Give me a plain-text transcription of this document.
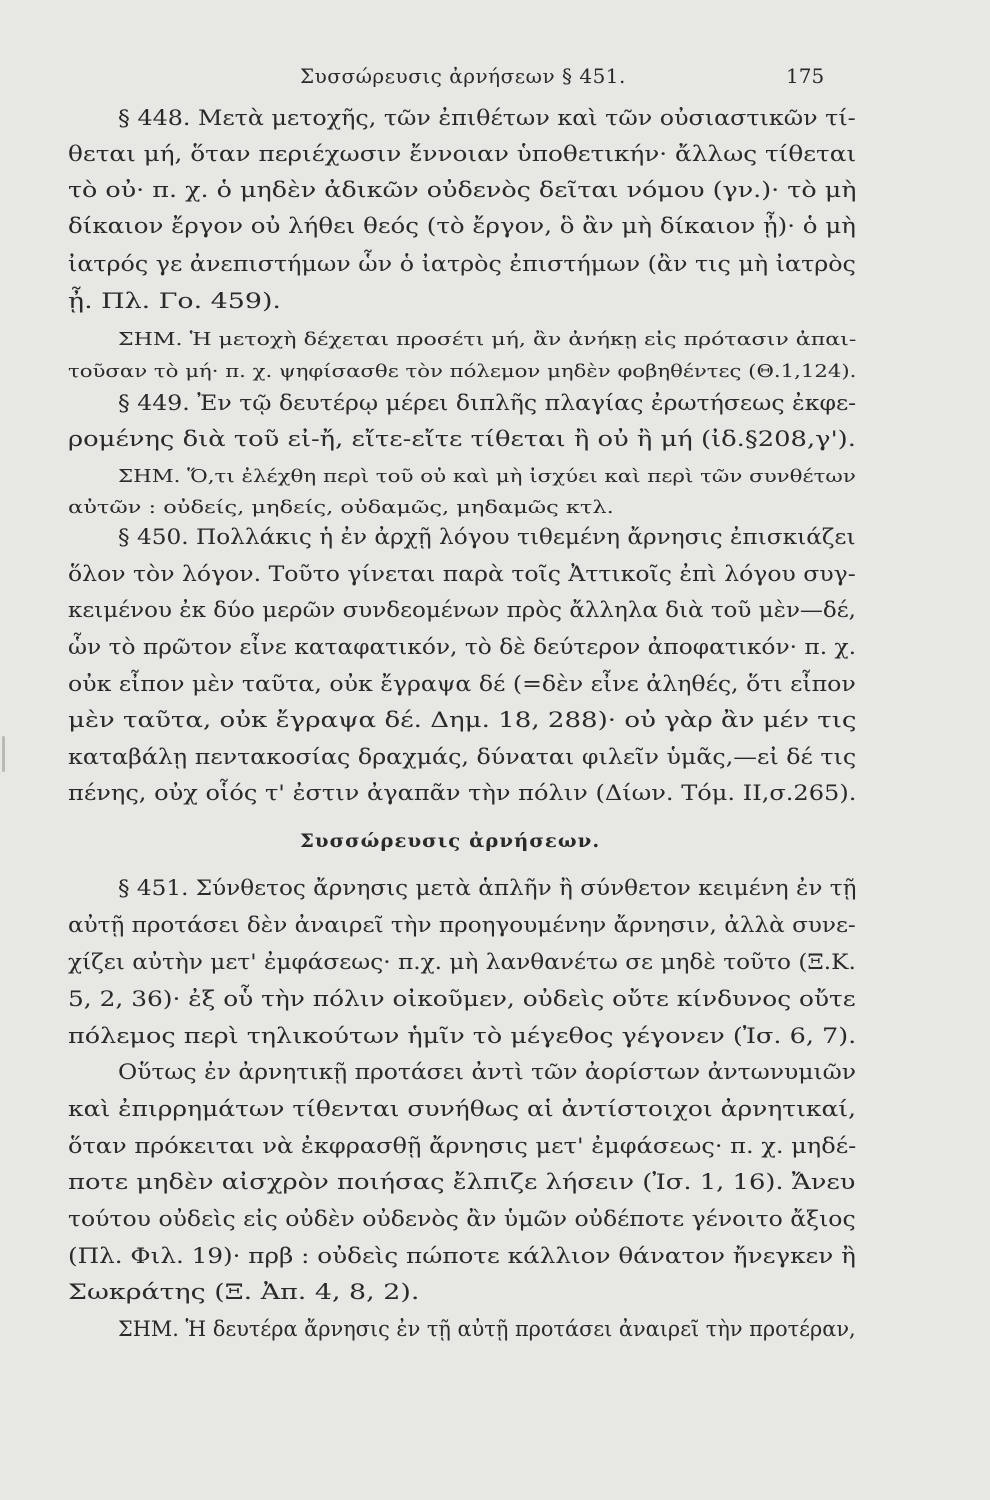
Συσσώρευσις ἀρνήσεων § 451.	175
§ 448. Μετὰ μετοχῆς, τῶν ἐπιθέτων καὶ τῶν οὐσιαστικῶν τί-
θεται μή, ὅταν περιέχωσιν ἔννοιαν ὑποθετικήν· ἄλλως τίθεται
τὸ οὐ· π. χ. ὁ μηδὲν ἀδικῶν οὐδενὸς δεῖται νόμου (γν.)· τὸ μὴ
δίκαιον ἔργον οὐ λήθει θεός (τὸ ἔργον, ὃ ἂν μὴ δίκαιον ᾖ)· ὁ μὴ
ἰατρός γε ἀνεπιστήμων ὧν ὁ ἰατρὸς ἐπιστήμων (ἂν τις μὴ ἰατρὸς
ᾖ. Πλ. Γο. 459).
ΣΗΜ. Ἡ μετοχὴ δέχεται προσέτι μή, ἂν ἀνήκῃ εἰς πρότασιν ἀπαι-
τοῦσαν τὸ μή· π. χ. ψηφίσασθε τὸν πόλεμον μηδὲν φοβηθέντες (Θ.1,124).
§ 449. Ἐν τῷ δευτέρῳ μέρει διπλῆς πλαγίας ἐρωτήσεως ἐκφε-
ρομένης διὰ τοῦ εἰ-ἤ, εἴτε-εἴτε τίθεται ἢ οὐ ἢ μή (ἰδ.§208,γ').
ΣΗΜ. Ὅ,τι ἐλέχθη περὶ τοῦ οὐ καὶ μὴ ἰσχύει καὶ περὶ τῶν συνθέτων
αὐτῶν : οὐδείς, μηδείς, οὐδαμῶς, μηδαμῶς κτλ.
§ 450. Πολλάκις ἡ ἐν ἀρχῇ λόγου τιθεμένη ἄρνησις ἐπισκιάζει
ὅλον τὸν λόγον. Τοῦτο γίνεται παρὰ τοῖς Ἀττικοῖς ἐπὶ λόγου συγ-
κειμένου ἐκ δύο μερῶν συνδεομένων πρὸς ἄλληλα διὰ τοῦ μὲν—δέ,
ὧν τὸ πρῶτον εἶνε καταφατικόν, τὸ δὲ δεύτερον ἀποφατικόν· π. χ.
οὐκ εἶπον μὲν ταῦτα, οὐκ ἔγραψα δέ (=δὲν εἶνε ἀληθές, ὅτι εἶπον
μὲν ταῦτα, οὐκ ἔγραψα δέ. Δημ. 18, 288)· οὐ γὰρ ἂν μέν τις
καταβάλῃ πεντακοσίας δραχμάς, δύναται φιλεῖν ὑμᾶς,—εἰ δέ τις
πένης, οὐχ οἷός τ' ἐστιν ἀγαπᾶν τὴν πόλιν (Δίων. Τόμ. II,σ.265).
Συσσώρευσις ἀρνήσεων.
§ 451. Σύνθετος ἄρνησις μετὰ ἁπλῆν ἢ σύνθετον κειμένη ἐν τῇ
αὐτῇ προτάσει δὲν ἀναιρεῖ τὴν προηγουμένην ἄρνησιν, ἀλλὰ συνε-
χίζει αὐτὴν μετ' ἐμφάσεως· π.χ. μὴ λανθανέτω σε μηδὲ τοῦτο (Ξ.Κ.
5, 2, 36)· ἐξ οὗ τὴν πόλιν οἰκοῦμεν, οὐδεὶς οὔτε κίνδυνος οὔτε
πόλεμος περὶ τηλικούτων ἡμῖν τὸ μέγεθος γέγονεν (Ἰσ. 6, 7).
Οὕτως ἐν ἀρνητικῇ προτάσει ἀντὶ τῶν ἀορίστων ἀντωνυμιῶν
καὶ ἐπιρρημάτων τίθενται συνήθως αἱ ἀντίστοιχοι ἀρνητικαί,
ὅταν πρόκειται νὰ ἐκφρασθῇ ἄρνησις μετ' ἐμφάσεως· π. χ. μηδέ-
ποτε μηδὲν αἰσχρὸν ποιήσας ἔλπιζε λήσειν (Ἰσ. 1, 16). Ἄνευ
τούτου οὐδεὶς εἰς οὐδὲν οὐδενὸς ἂν ὑμῶν οὐδέποτε γένοιτο ἄξιος
(Πλ. Φιλ. 19)· πρβ : οὐδεὶς πώποτε κάλλιον θάνατον ἤνεγκεν ἢ
Σωκράτης (Ξ. Ἀπ. 4, 8, 2).
ΣΗΜ. Ἡ δευτέρα ἄρνησις ἐν τῇ αὐτῇ προτάσει ἀναιρεῖ τὴν προτέραν,
